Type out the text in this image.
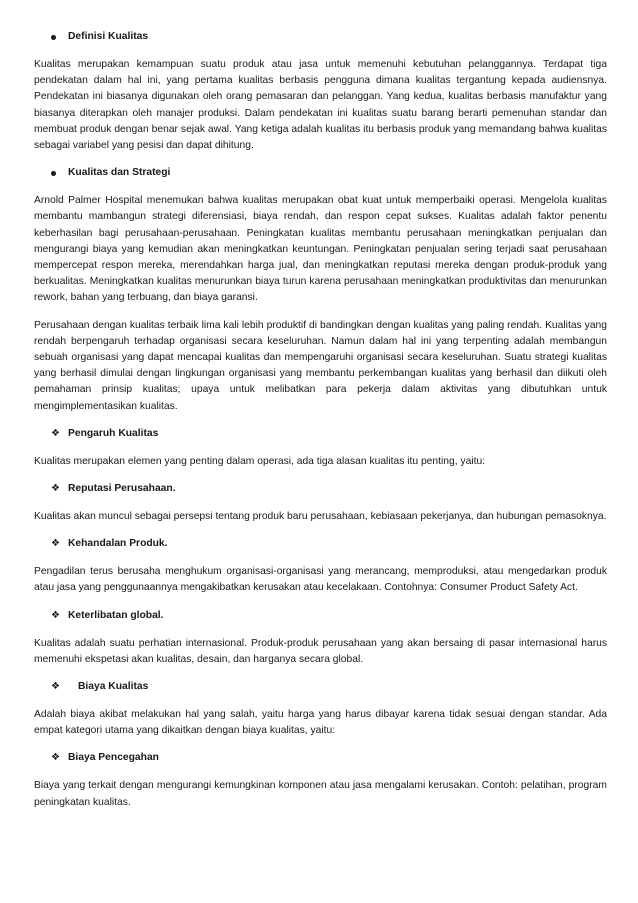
Definisi Kualitas

Kualitas merupakan kemampuan suatu produk atau jasa untuk memenuhi kebutuhan pelanggannya. Terdapat tiga pendekatan dalam hal ini, yang pertama kualitas berbasis pengguna dimana kualitas tergantung kepada audiensnya. Pendekatan ini biasanya digunakan oleh orang pemasaran dan pelanggan. Yang kedua, kualitas berbasis manufaktur yang biasanya diterapkan oleh manajer produksi. Dalam pendekatan ini kualitas suatu barang berarti pemenuhan standar dan membuat produk dengan benar sejak awal. Yang ketiga adalah kualitas itu berbasis produk yang memandang bahwa kualitas sebagai variabel yang pesisi dan dapat dihitung.

Kualitas dan Strategi

Arnold Palmer Hospital menemukan bahwa kualitas merupakan obat kuat untuk memperbaiki operasi. Mengelola kualitas membantu mambangun strategi diferensiasi, biaya rendah, dan respon cepat sukses. Kualitas adalah faktor penentu keberhasilan bagi perusahaan-perusahaan. Peningkatan kualitas membantu perusahaan meningkatkan penjualan dan mengurangi biaya yang kemudian akan meningkatkan keuntungan. Peningkatan penjualan sering terjadi saat perusahaan mempercepat respon mereka, merendahkan harga jual, dan meningkatkan reputasi mereka dengan produk-produk yang berkualitas. Meningkatkan kualitas menurunkan biaya turun karena perusahaan meningkatkan produktivitas dan menurunkan rework, bahan yang terbuang, dan biaya garansi.

Perusahaan dengan kualitas terbaik lima kali lebih produktif di bandingkan dengan kualitas yang paling rendah. Kualitas yang rendah berpengaruh terhadap organisasi secara keseluruhan. Namun dalam hal ini yang terpenting adalah membangun sebuah organisasi yang dapat mencapai kualitas dan mempengaruhi organisasi secara keseluruhan. Suatu strategi kualitas yang berhasil dimulai dengan lingkungan organisasi yang membantu perkembangan kualitas yang berhasil dan diikuti oleh pemahaman prinsip kualitas; upaya untuk melibatkan para pekerja dalam aktivitas yang dibutuhkan untuk mengimplementasikan kualitas.

❖ Pengaruh Kualitas

Kualitas merupakan elemen yang penting dalam operasi, ada tiga alasan kualitas itu penting, yaitu:

❖ Reputasi Perusahaan.

Kualitas akan muncul sebagai persepsi tentang produk baru perusahaan, kebiasaan pekerjanya, dan hubungan pemasoknya.

❖ Kehandalan Produk.

Pengadilan terus berusaha menghukum organisasi-organisasi yang merancang, memproduksi, atau mengedarkan produk atau jasa yang penggunaannya mengakibatkan kerusakan atau kecelakaan. Contohnya: Consumer Product Safety Act.

❖ Keterlibatan global.

Kualitas adalah suatu perhatian internasional. Produk-produk perusahaan yang akan bersaing di pasar internasional harus memenuhi ekspetasi akan kualitas, desain, dan harganya secara global.

❖ Biaya Kualitas

Adalah biaya akibat melakukan hal yang salah, yaitu harga yang harus dibayar karena tidak sesuai dengan standar. Ada empat kategori utama yang dikaitkan dengan biaya kualitas, yaitu:

❖ Biaya Pencegahan

Biaya yang terkait dengan mengurangi kemungkinan komponen atau jasa mengalami kerusakan. Contoh: pelatihan, program peningkatan kualitas.
